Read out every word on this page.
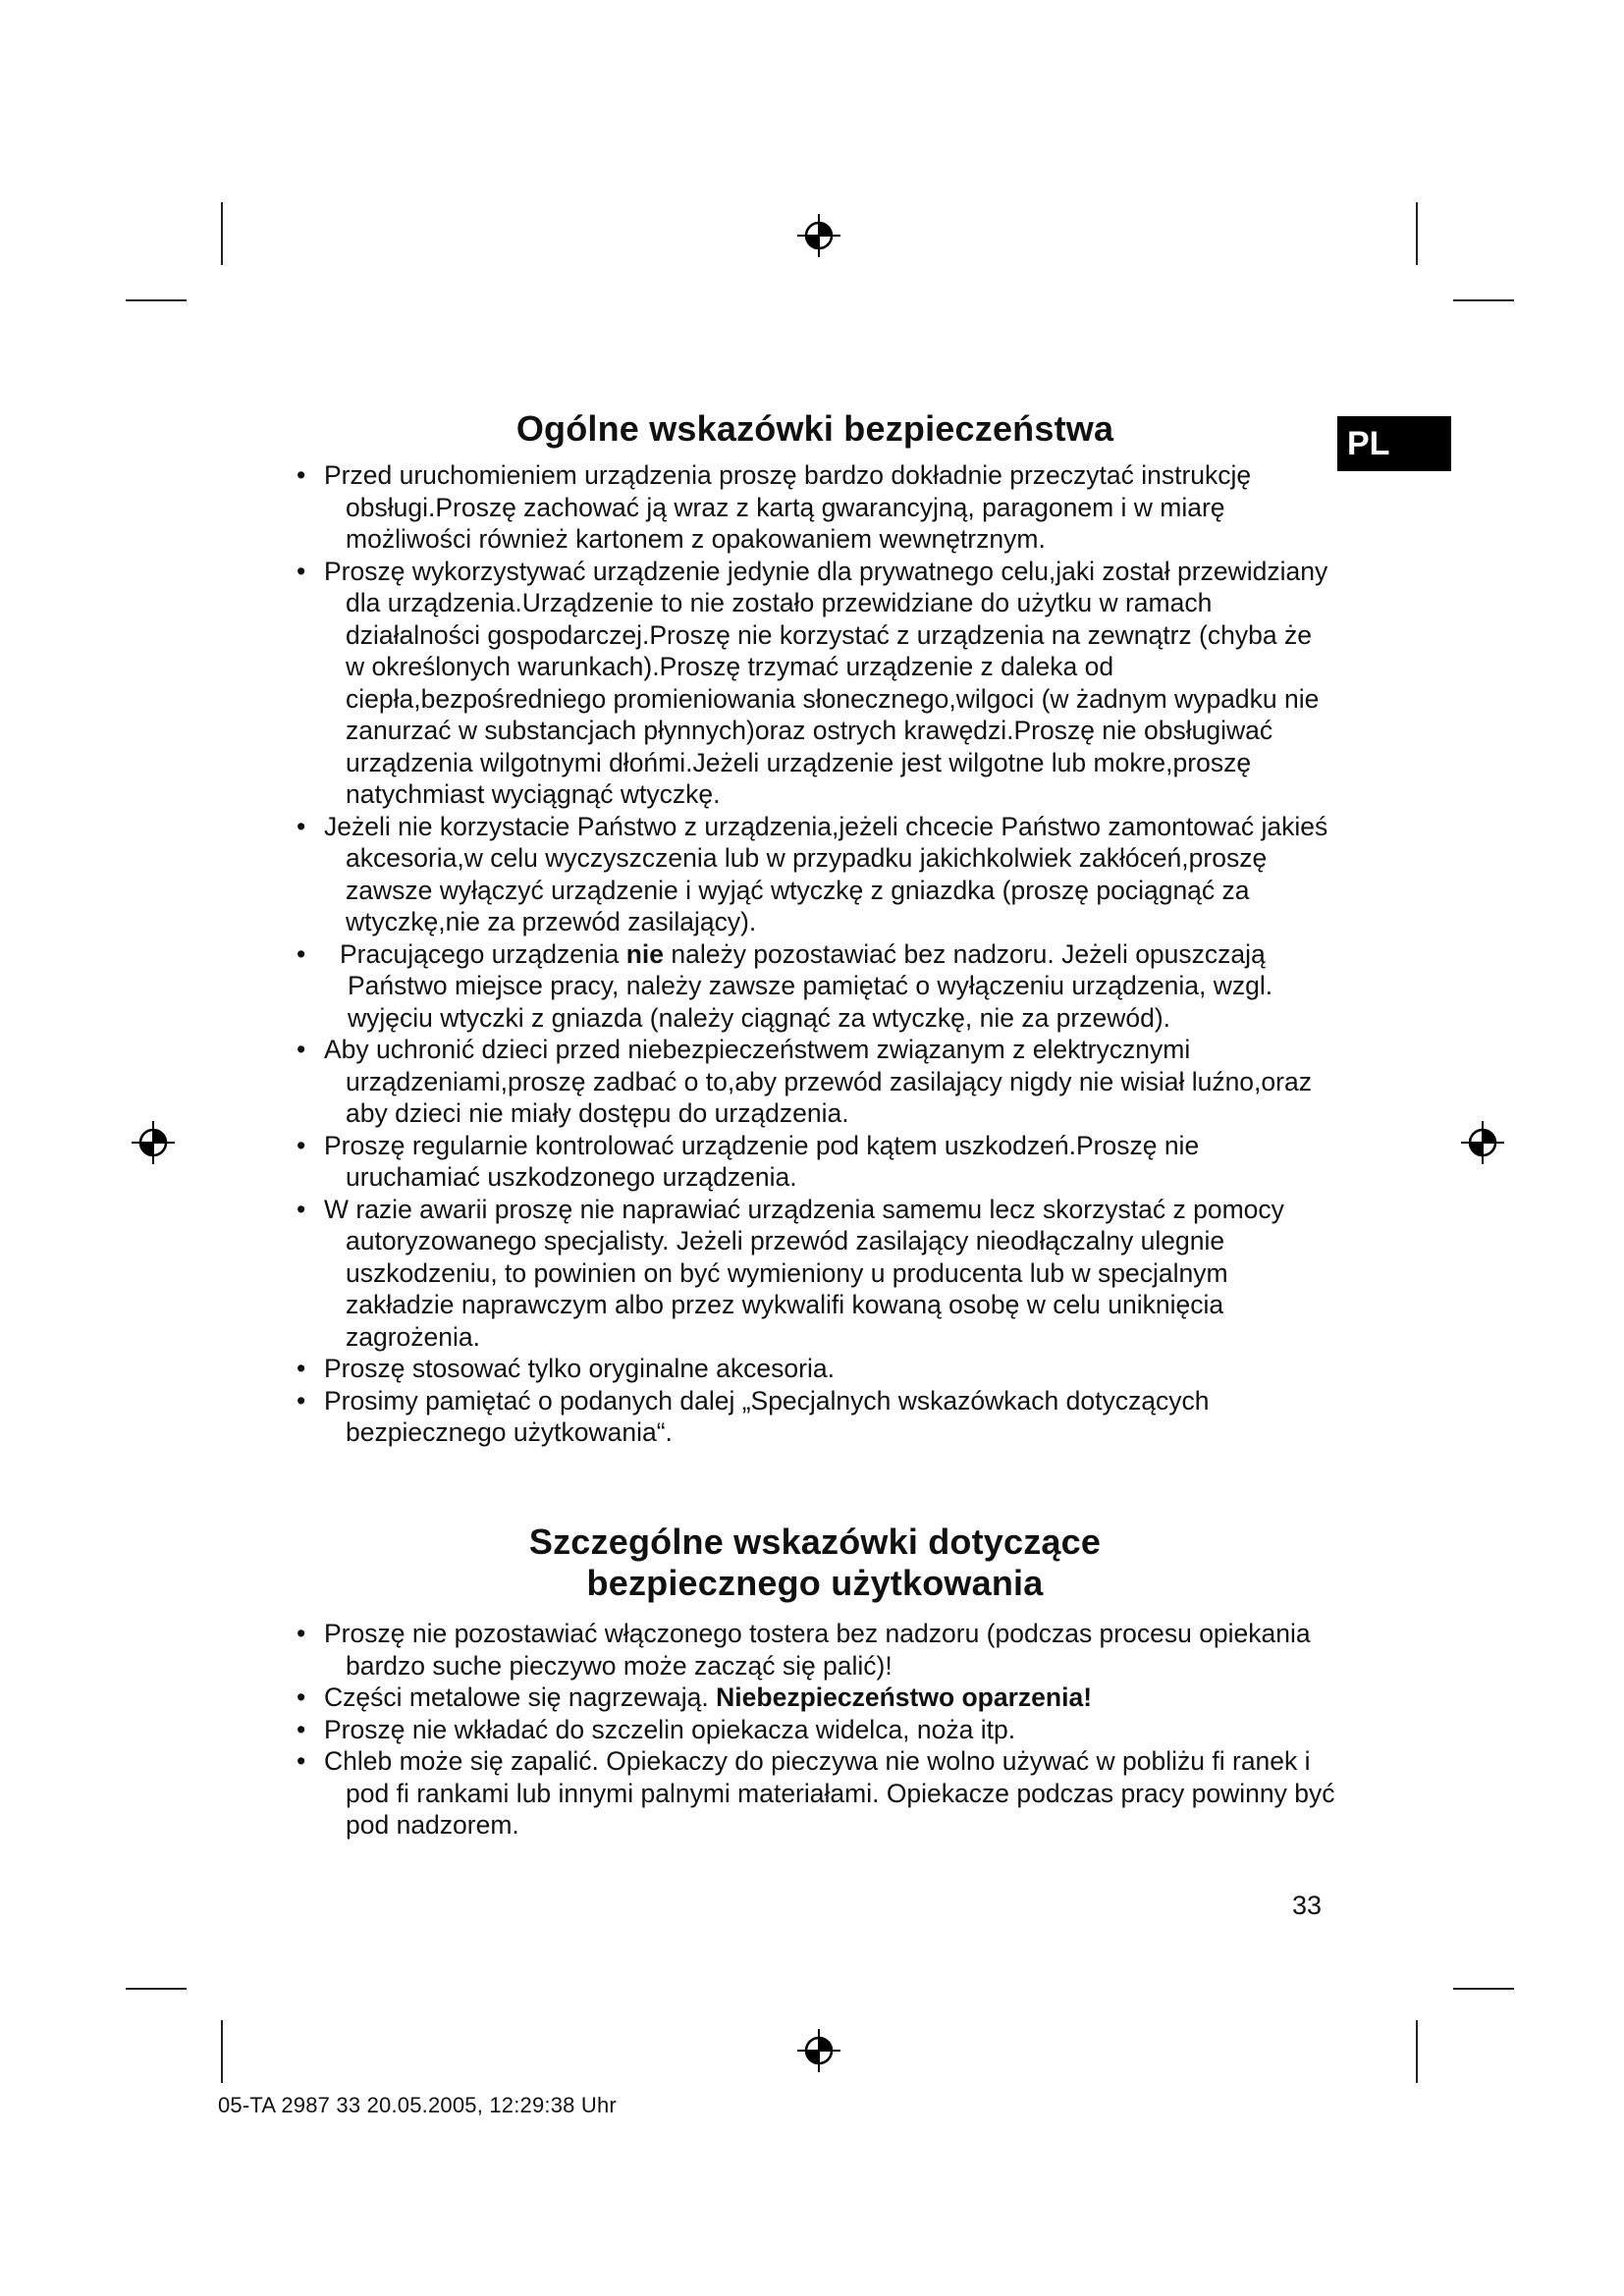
PL
Ogólne wskazówki bezpieczeństwa
• Przed uruchomieniem urządzenia proszę bardzo dokładnie przeczytać instrukcję obsługi.Proszę zachować ją wraz z kartą gwarancyjną, paragonem i w miarę możliwości również kartonem z opakowaniem wewnętrznym.
• Proszę wykorzystywać urządzenie jedynie dla prywatnego celu,jaki został przewidziany dla urządzenia.Urządzenie to nie zostało przewidziane do użytku w ramach działalności gospodarczej.Proszę nie korzystać z urządzenia na zewnątrz (chyba że w określonych warunkach).Proszę trzymać urządzenie z daleka od ciepła,bezpośredniego promieniowania słonecznego,wilgoci (w żadnym wypadku nie zanurzać w substancjach płynnych)oraz ostrych krawędzi.Proszę nie obsługiwać urządzenia wilgotnymi dłońmi.Jeżeli urządzenie jest wilgotne lub mokre,proszę natychmiast wyciągnąć wtyczkę.
• Jeżeli nie korzystacie Państwo z urządzenia,jeżeli chcecie Państwo zamontować jakieś akcesoria,w celu wyczyszczenia lub w przypadku jakichkolwiek zakłóceń,proszę zawsze wyłączyć urządzenie i wyjąć wtyczkę z gniazdka (proszę pociągnąć za wtyczkę,nie za przewód zasilający).
• Pracującego urządzenia nie należy pozostawiać bez nadzoru. Jeżeli opuszczają Państwo miejsce pracy, należy zawsze pamiętać o wyłączeniu urządzenia, wzgl. wyjęciu wtyczki z gniazda (należy ciągnąć za wtyczkę, nie za przewód).
• Aby uchronić dzieci przed niebezpieczeństwem związanym z elektrycznymi urządzeniami,proszę zadbać o to,aby przewód zasilający nigdy nie wisiał luźno,oraz aby dzieci nie miały dostępu do urządzenia.
• Proszę regularnie kontrolować urządzenie pod kątem uszkodzeń.Proszę nie uruchamiać uszkodzonego urządzenia.
• W razie awarii proszę nie naprawiać urządzenia samemu lecz skorzystać z pomocy autoryzowanego specjalisty. Jeżeli przewód zasilający nieodłączalny ulegnie uszkodzeniu, to powinien on być wymieniony u producenta lub w specjalnym zakładzie naprawczym albo przez wykwalifi kowaną osobę w celu uniknięcia zagrożenia.
• Proszę stosować tylko oryginalne akcesoria.
• Prosimy pamiętać o podanych dalej „Specjalnych wskazówkach dotyczących bezpiecznego użytkowania“.
Szczególne wskazówki dotyczące
bezpiecznego użytkowania
• Proszę nie pozostawiać włączonego tostera bez nadzoru (podczas procesu opiekania bardzo suche pieczywo może zacząć się palić)!
• Części metalowe się nagrzewają. Niebezpieczeństwo oparzenia!
• Proszę nie wkładać do szczelin opiekacza widelca, noża itp.
• Chleb może się zapalić. Opiekaczy do pieczywa nie wolno używać w pobliżu fi ranek i pod fi rankami lub innymi palnymi materiałami. Opiekacze podczas pracy powinny być pod nadzorem.
33
05-TA 2987 33 20.05.2005, 12:29:38 Uhr
